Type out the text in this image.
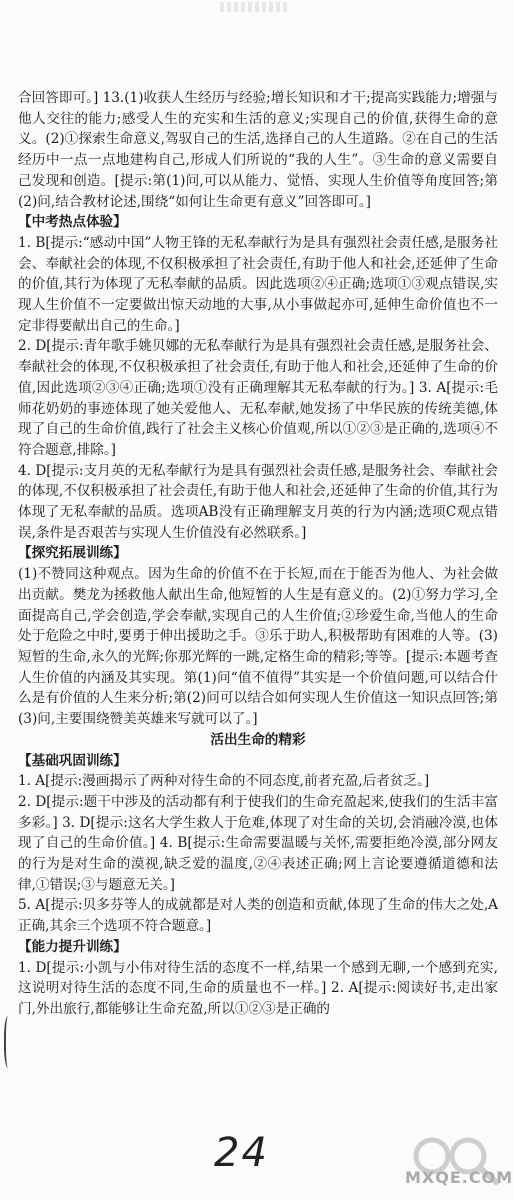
合回答即可。] 13.(1)收获人生经历与经验;增长知识和才干;提高实践能力;增强与他人交往的能力;感受人生的充实和生活的意义;实现自己的价值,获得生命的意义。(2)①探索生命意义,驾驭自己的生活,选择自己的人生道路。②在自己的生活经历中一点一点地建构自己,形成人们所说的“我的人生”。③生命的意义需要自己发现和创造。[提示:第(1)问,可以从能力、觉悟、实现人生价值等角度回答;第(2)问,结合教材论述,围绕“如何让生命更有意义”回答即可。]

【中考热点体验】

1. B[提示:“感动中国”人物王锋的无私奉献行为是具有强烈社会责任感,是服务社会、奉献社会的体现,不仅积极承担了社会责任,有助于他人和社会,还延伸了生命的价值,其行为体现了无私奉献的品质。因此选项②④正确;选项①③观点错误,实现人生价值不一定要做出惊天动地的大事,从小事做起亦可,延伸生命价值也不一定非得要献出自己的生命。]

2. D[提示:青年歌手姚贝娜的无私奉献行为是具有强烈社会责任感,是服务社会、奉献社会的体现,不仅积极承担了社会责任,有助于他人和社会,还延伸了生命的价值,因此选项②③④正确;选项①没有正确理解其无私奉献的行为。] 3. A[提示:毛师花奶奶的事迹体现了她关爱他人、无私奉献,她发扬了中华民族的传统美德,体现了自己的生命价值,践行了社会主义核心价值观,所以①②③是正确的,选项④不符合题意,排除。]

4. D[提示:支月英的无私奉献行为是具有强烈社会责任感,是服务社会、奉献社会的体现,不仅积极承担了社会责任,有助于他人和社会,还延伸了生命的价值,其行为体现了无私奉献的品质。选项AB没有正确理解支月英的行为内涵;选项C观点错误,条件是否艰苦与实现人生价值没有必然联系。]

【探究拓展训练】

(1)不赞同这种观点。因为生命的价值不在于长短,而在于能否为他人、为社会做出贡献。樊龙为拯救他人献出生命,他短暂的人生是有意义的。(2)①努力学习,全面提高自己,学会创造,学会奉献,实现自己的人生价值;②珍爱生命,当他人的生命处于危险之中时,要勇于伸出援助之手。③乐于助人,积极帮助有困难的人等。(3)短暂的生命,永久的光辉;你那光辉的一跳,定格生命的精彩;等等。[提示:本题考查人生价值的内涵及其实现。第(1)问“值不值得”其实是一个价值问题,可以结合什么是有价值的人生来分析;第(2)问可以结合如何实现人生价值这一知识点回答;第(3)问,主要围绕赞美英雄来写就可以了。]

活出生命的精彩

【基础巩固训练】

1. A[提示:漫画揭示了两种对待生命的不同态度,前者充盈,后者贫乏。]

2. D[提示:题干中涉及的活动都有利于使我们的生命充盈起来,使我们的生活丰富多彩。] 3. D[提示:这名大学生救人于危难,体现了对生命的关切,会消融冷漠,也体现了自己的生命价值。] 4. B[提示:生命需要温暖与关怀,需要拒绝冷漠,部分网友的行为是对生命的漠视,缺乏爱的温度,②④表述正确;网上言论要遵循道德和法律,①错误;③与题意无关。]

5. A[提示:贝多芬等人的成就都是对人类的创造和贡献,体现了生命的伟大之处,A正确,其余三个选项不符合题意。]

【能力提升训练】

1. D[提示:小凯与小伟对待生活的态度不一样,结果一个感到无聊,一个感到充实,这说明对待生活的态度不同,生命的质量也不一样。] 2. A[提示:阅读好书,走出家门,外出旅行,都能够让生命充盈,所以①②③是正确的

24
MXQE.COM
